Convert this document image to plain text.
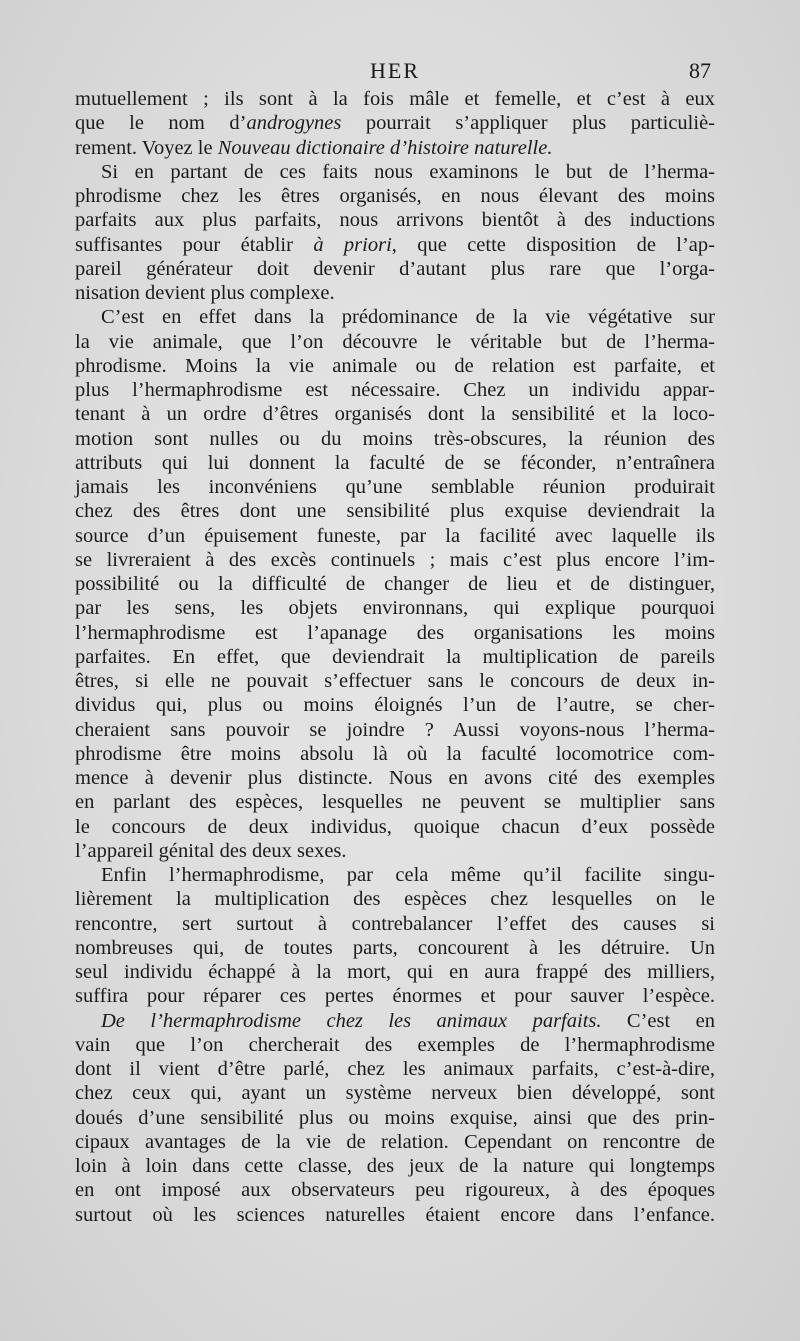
HER	87
mutuellement ; ils sont à la fois mâle et femelle, et c’est à eux
que le nom d’androgynes pourrait s’appliquer plus particuliè-
rement. Voyez le Nouveau dictionaire d’histoire naturelle.
Si en partant de ces faits nous examinons le but de l’herma-
phrodisme chez les êtres organisés, en nous élevant des moins
parfaits aux plus parfaits, nous arrivons bientôt à des inductions
suffisantes pour établir à priori, que cette disposition de l’ap-
pareil générateur doit devenir d’autant plus rare que l’orga-
nisation devient plus complexe.
C’est en effet dans la prédominance de la vie végétative sur
la vie animale, que l’on découvre le véritable but de l’herma-
phrodisme. Moins la vie animale ou de relation est parfaite, et
plus l’hermaphrodisme est nécessaire. Chez un individu appar-
tenant à un ordre d’êtres organisés dont la sensibilité et la loco-
motion sont nulles ou du moins très-obscures, la réunion des
attributs qui lui donnent la faculté de se féconder, n’entraînera
jamais les inconvéniens qu’une semblable réunion produirait
chez des êtres dont une sensibilité plus exquise deviendrait la
source d’un épuisement funeste, par la facilité avec laquelle ils
se livreraient à des excès continuels ; mais c’est plus encore l’im-
possibilité ou la difficulté de changer de lieu et de distinguer,
par les sens, les objets environnans, qui explique pourquoi
l’hermaphrodisme est l’apanage des organisations les moins
parfaites. En effet, que deviendrait la multiplication de pareils
êtres, si elle ne pouvait s’effectuer sans le concours de deux in-
dividus qui, plus ou moins éloignés l’un de l’autre, se cher-
cheraient sans pouvoir se joindre ? Aussi voyons-nous l’herma-
phrodisme être moins absolu là où la faculté locomotrice com-
mence à devenir plus distincte. Nous en avons cité des exemples
en parlant des espèces, lesquelles ne peuvent se multiplier sans
le concours de deux individus, quoique chacun d’eux possède
l’appareil génital des deux sexes.
Enfin l’hermaphrodisme, par cela même qu’il facilite singu-
lièrement la multiplication des espèces chez lesquelles on le
rencontre, sert surtout à contrebalancer l’effet des causes si
nombreuses qui, de toutes parts, concourent à les détruire. Un
seul individu échappé à la mort, qui en aura frappé des milliers,
suffira pour réparer ces pertes énormes et pour sauver l’espèce.
De l’hermaphrodisme chez les animaux parfaits. C’est en
vain que l’on chercherait des exemples de l’hermaphrodisme
dont il vient d’être parlé, chez les animaux parfaits, c’est-à-dire,
chez ceux qui, ayant un système nerveux bien développé, sont
doués d’une sensibilité plus ou moins exquise, ainsi que des prin-
cipaux avantages de la vie de relation. Cependant on rencontre de
loin à loin dans cette classe, des jeux de la nature qui longtemps
en ont imposé aux observateurs peu rigoureux, à des époques
surtout où les sciences naturelles étaient encore dans l’enfance.
